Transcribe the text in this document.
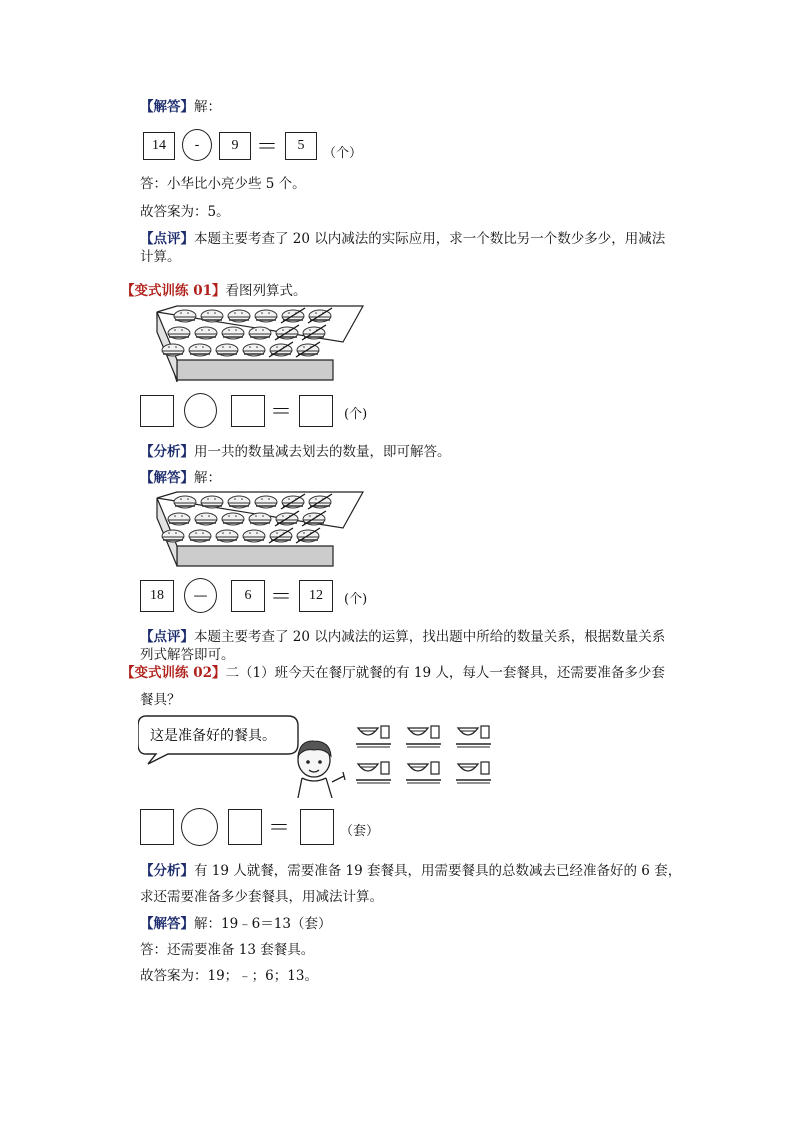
【解答】解：
14	-	9 ＝	5
（个）
答：小华比小亮少些 5 个。
故答案为：5。
【点评】本题主要考查了 20 以内减法的实际应用，求一个数比另一个数少多少，用减法
计算。
【变式训练 01】看图列算式。
＝	(个)
【分析】用一共的数量减去划去的数量，即可解答。
【解答】解：
18	—	6 ＝	12	(个)
【点评】本题主要考查了 20 以内减法的运算，找出题中所给的数量关系，根据数量关系
列式解答即可。
【变式训练 02】二（1）班今天在餐厅就餐的有 19 人，每人一套餐具，还需要准备多少套
餐具？
这是准备好的餐具。
＝	（套）
【分析】有 19 人就餐，需要准备 19 套餐具，用需要餐具的总数减去已经准备好的 6 套，
求还需要准备多少套餐具，用减法计算。
【解答】解：19﹣6＝13（套）
答：还需要准备 13 套餐具。
故答案为：19；﹣；6；13。
